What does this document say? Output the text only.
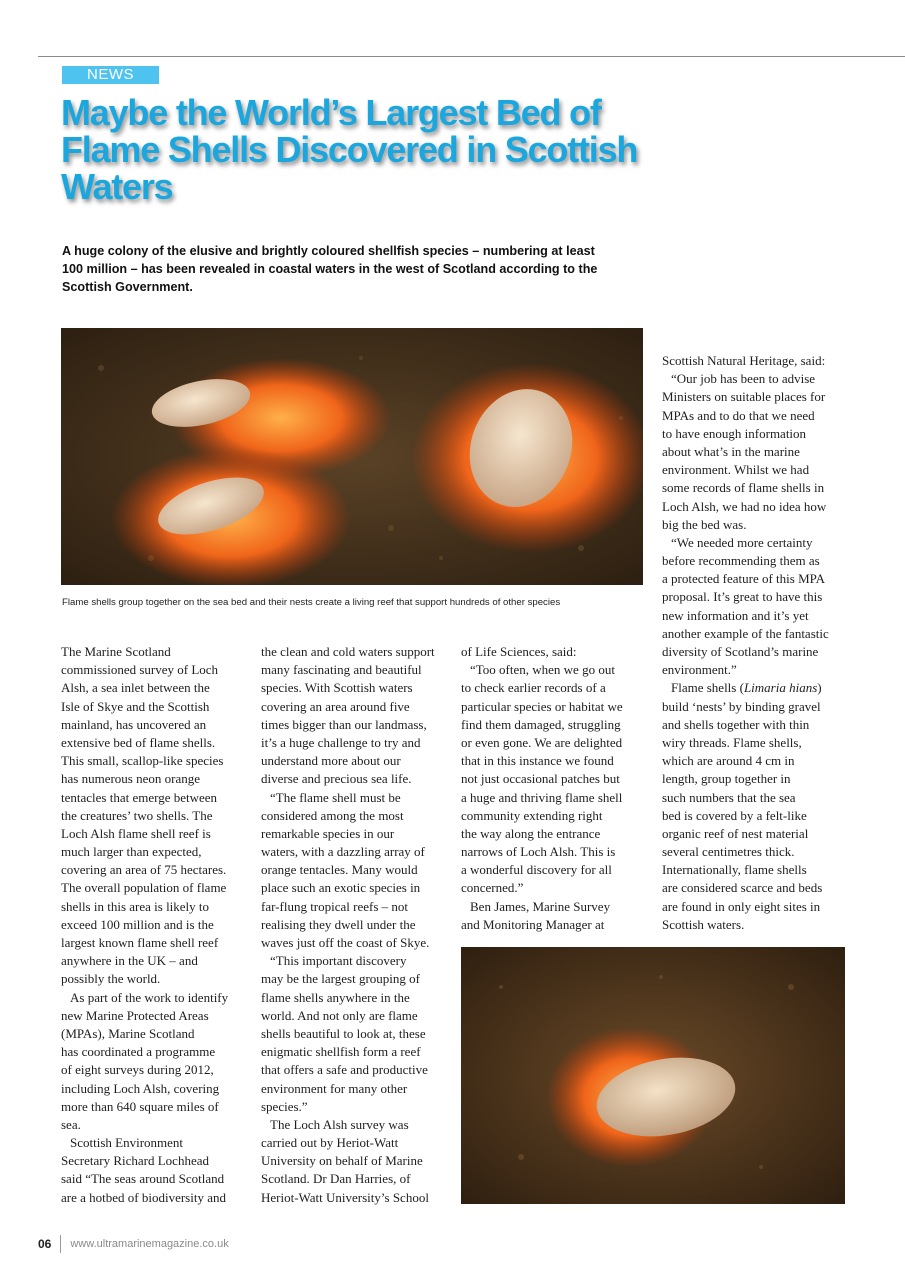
NEWS
Maybe the World’s Largest Bed of
Flame Shells Discovered in Scottish
Waters
A huge colony of the elusive and brightly coloured shellfish species – numbering at least
100 million – has been revealed in coastal waters in the west of Scotland according to the
Scottish Government.
Flame shells group together on the sea bed and their nests create a living reef that support hundreds of other species
The Marine Scotland
commissioned survey of Loch
Alsh, a sea inlet between the
Isle of Skye and the Scottish
mainland, has uncovered an
extensive bed of flame shells.
This small, scallop-like species
has numerous neon orange
tentacles that emerge between
the creatures’ two shells. The
Loch Alsh flame shell reef is
much larger than expected,
covering an area of 75 hectares.
The overall population of flame
shells in this area is likely to
exceed 100 million and is the
largest known flame shell reef
anywhere in the UK – and
possibly the world.
As part of the work to identify
new Marine Protected Areas
(MPAs), Marine Scotland
has coordinated a programme
of eight surveys during 2012,
including Loch Alsh, covering
more than 640 square miles of
sea.
Scottish Environment
Secretary Richard Lochhead
said “The seas around Scotland
are a hotbed of biodiversity and
the clean and cold waters support
many fascinating and beautiful
species. With Scottish waters
covering an area around five
times bigger than our landmass,
it’s a huge challenge to try and
understand more about our
diverse and precious sea life.
“The flame shell must be
considered among the most
remarkable species in our
waters, with a dazzling array of
orange tentacles. Many would
place such an exotic species in
far-flung tropical reefs – not
realising they dwell under the
waves just off the coast of Skye.
“This important discovery
may be the largest grouping of
flame shells anywhere in the
world. And not only are flame
shells beautiful to look at, these
enigmatic shellfish form a reef
that offers a safe and productive
environment for many other
species.”
The Loch Alsh survey was
carried out by Heriot-Watt
University on behalf of Marine
Scotland. Dr Dan Harries, of
Heriot-Watt University’s School
of Life Sciences, said:
“Too often, when we go out
to check earlier records of a
particular species or habitat we
find them damaged, struggling
or even gone. We are delighted
that in this instance we found
not just occasional patches but
a huge and thriving flame shell
community extending right
the way along the entrance
narrows of Loch Alsh. This is
a wonderful discovery for all
concerned.”
Ben James, Marine Survey
and Monitoring Manager at
Scottish Natural Heritage, said:
“Our job has been to advise
Ministers on suitable places for
MPAs and to do that we need
to have enough information
about what’s in the marine
environment. Whilst we had
some records of flame shells in
Loch Alsh, we had no idea how
big the bed was.
“We needed more certainty
before recommending them as
a protected feature of this MPA
proposal. It’s great to have this
new information and it’s yet
another example of the fantastic
diversity of Scotland’s marine
environment.”
Flame shells (Limaria hians)
build ‘nests’ by binding gravel
and shells together with thin
wiry threads. Flame shells,
which are around 4 cm in
length, group together in
such numbers that the sea
bed is covered by a felt-like
organic reef of nest material
several centimetres thick.
Internationally, flame shells
are considered scarce and beds
are found in only eight sites in
Scottish waters.
06 www.ultramarinemagazine.co.uk
